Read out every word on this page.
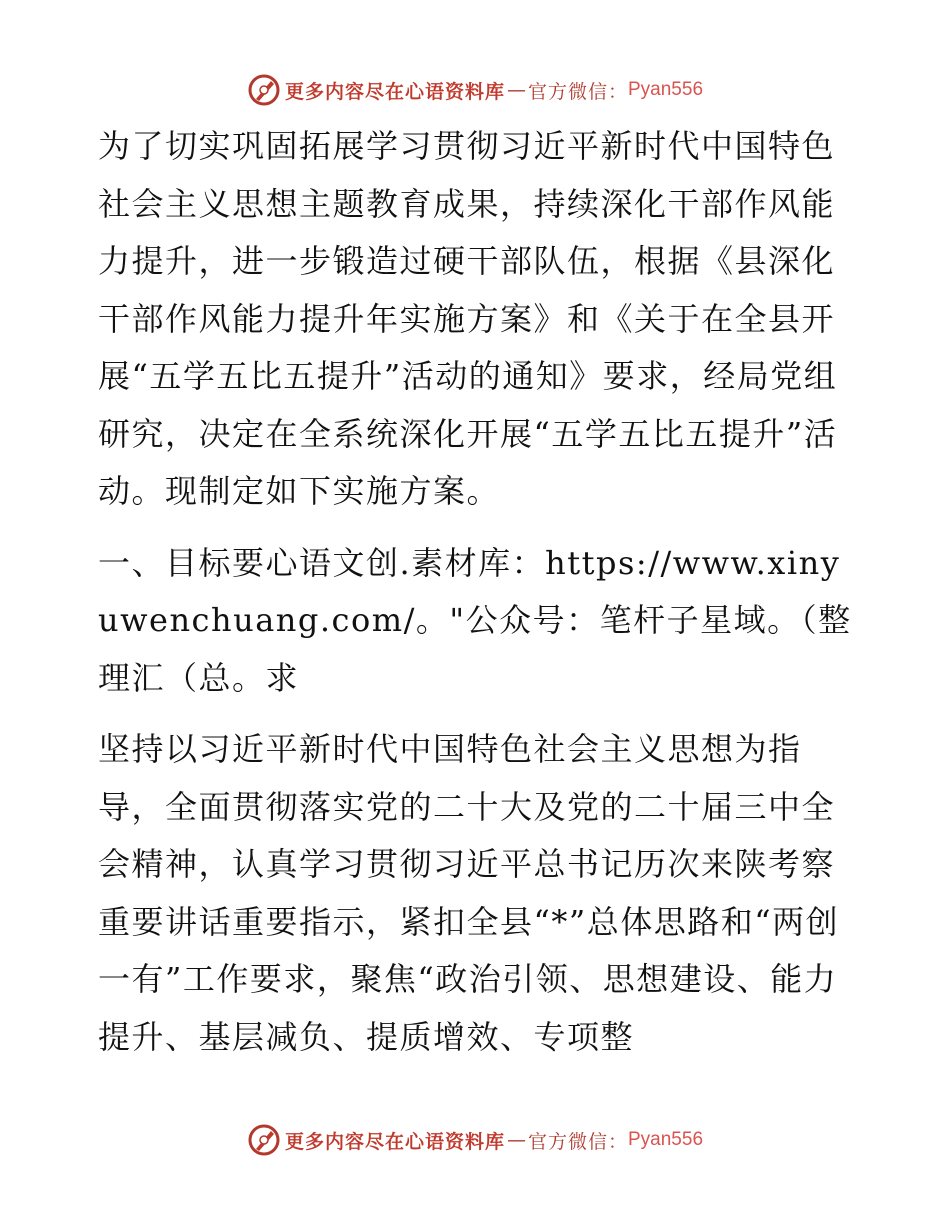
更多内容尽在心语资料库 — 官方微信： Pyan556

为了切实巩固拓展学习贯彻习近平新时代中国特色社会主义思想主题教育成果，持续深化干部作风能力提升，进一步锻造过硬干部队伍，根据《县深化干部作风能力提升年实施方案》和《关于在全县开展“五学五比五提升”活动的通知》要求，经局党组研究，决定在全系统深化开展“五学五比五提升”活动。现制定如下实施方案。

一、目标要心语文创.素材库：https://www.xinyuwenchuang.com/。"公众号：笔杆子星域。（整理汇（总。求

坚持以习近平新时代中国特色社会主义思想为指导，全面贯彻落实党的二十大及党的二十届三中全会精神，认真学习贯彻习近平总书记历次来陕考察重要讲话重要指示，紧扣全县“*”总体思路和“两创一有”工作要求，聚焦“政治引领、思想建设、能力提升、基层减负、提质增效、专项整

更多内容尽在心语资料库 — 官方微信： Pyan556
